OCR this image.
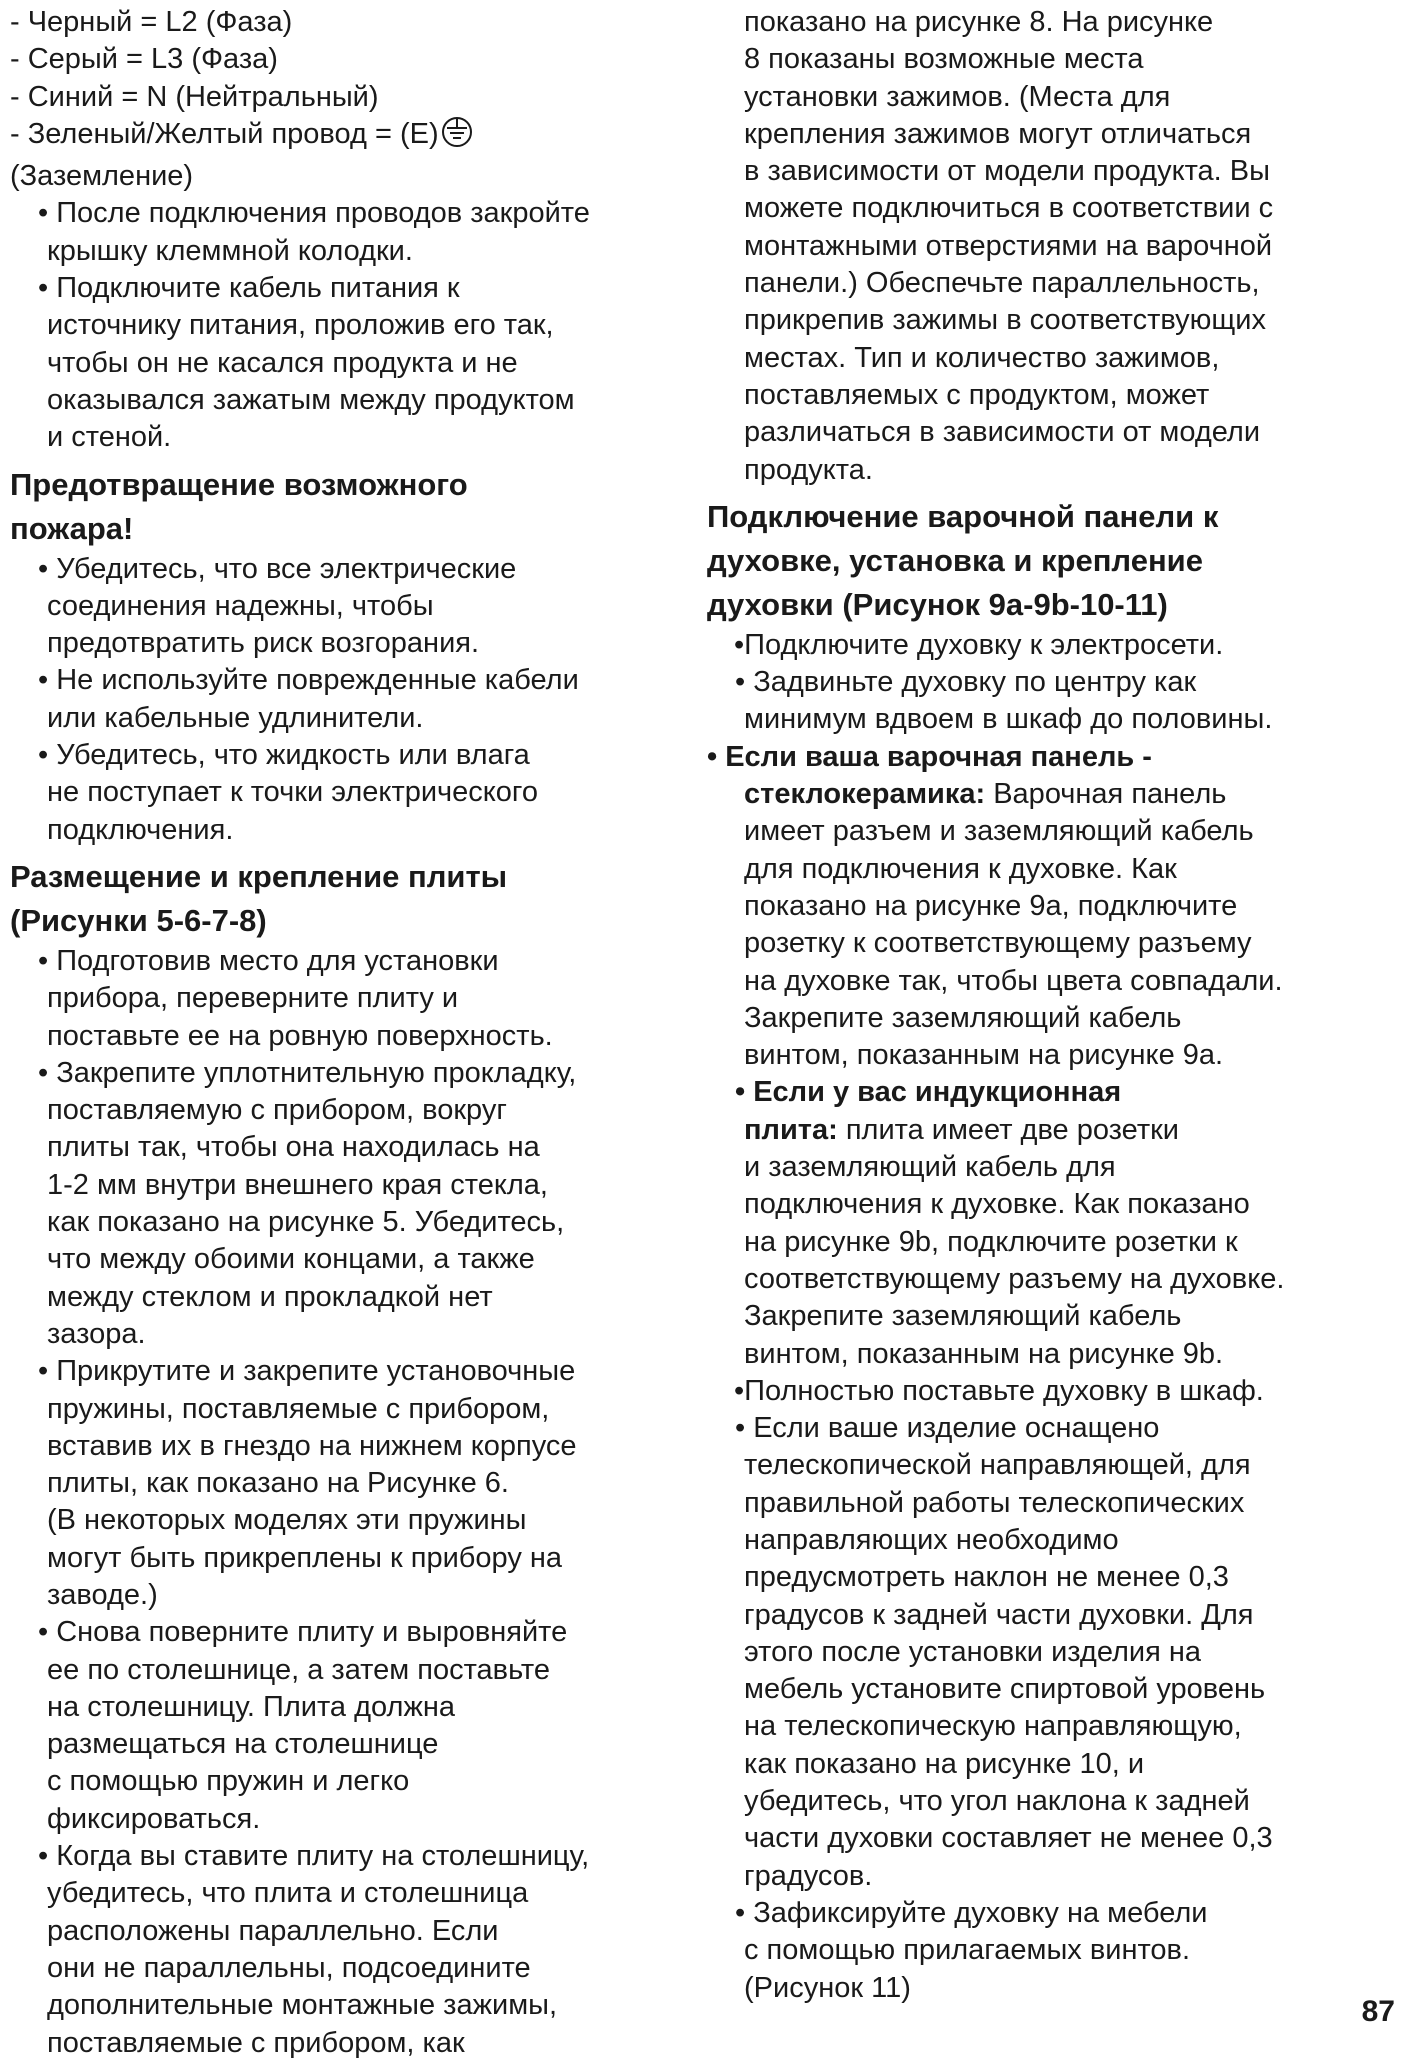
- Черный = L2 (Фаза)
- Серый = L3 (Фаза)
- Синий = N (Нейтральный)
- Зеленый/Желтый провод = (E)
(Заземление)
• После подключения проводов закройте
крышку клеммной колодки.
• Подключите кабель питания к
источнику питания, проложив его так,
чтобы он не касался продукта и не
оказывался зажатым между продуктом
и стеной.
Предотвращение возможного
пожара!
• Убедитесь, что все электрические
соединения надежны, чтобы
предотвратить риск возгорания.
• Не используйте поврежденные кабели
или кабельные удлинители.
• Убедитесь, что жидкость или влага
не поступает к точки электрического
подключения.
Размещение и крепление плиты
(Рисунки 5-6-7-8)
• Подготовив место для установки
прибора, переверните плиту и
поставьте ее на ровную поверхность.
• Закрепите уплотнительную прокладку,
поставляемую с прибором, вокруг
плиты так, чтобы она находилась на
1-2 мм внутри внешнего края стекла,
как показано на рисунке 5. Убедитесь,
что между обоими концами, а также
между стеклом и прокладкой нет
зазора.
• Прикрутите и закрепите установочные
пружины, поставляемые с прибором,
вставив их в гнездо на нижнем корпусе
плиты, как показано на Рисунке 6.
(В некоторых моделях эти пружины
могут быть прикреплены к прибору на
заводе.)
• Снова поверните плиту и выровняйте
ее по столешнице, а затем поставьте
на столешницу. Плита должна
размещаться на столешнице
с помощью пружин и легко
фиксироваться.
• Когда вы ставите плиту на столешницу,
убедитесь, что плита и столешница
расположены параллельно. Если
они не параллельны, подсоедините
дополнительные монтажные зажимы,
поставляемые с прибором, как
показано на рисунке 8. На рисунке
8 показаны возможные места
установки зажимов. (Места для
крепления зажимов могут отличаться
в зависимости от модели продукта. Вы
можете подключиться в соответствии с
монтажными отверстиями на варочной
панели.) Обеспечьте параллельность,
прикрепив зажимы в соответствующих
местах. Тип и количество зажимов,
поставляемых с продуктом, может
различаться в зависимости от модели
продукта.
Подключение варочной панели к
духовке, установка и крепление
духовки (Рисунок 9a-9b-10-11)
•Подключите духовку к электросети.
• Задвиньте духовку по центру как
минимум вдвоем в шкаф до половины.
• Если ваша варочная панель -
стеклокерамика: Варочная панель
имеет разъем и заземляющий кабель
для подключения к духовке. Как
показано на рисунке 9a, подключите
розетку к соответствующему разъему
на духовке так, чтобы цвета совпадали.
Закрепите заземляющий кабель
винтом, показанным на рисунке 9a.
• Если у вас индукционная
плита: плита имеет две розетки
и заземляющий кабель для
подключения к духовке. Как показано
на рисунке 9b, подключите розетки к
соответствующему разъему на духовке.
Закрепите заземляющий кабель
винтом, показанным на рисунке 9b.
•Полностью поставьте духовку в шкаф.
• Если ваше изделие оснащено
телескопической направляющей, для
правильной работы телескопических
направляющих необходимо
предусмотреть наклон не менее 0,3
градусов к задней части духовки. Для
этого после установки изделия на
мебель установите спиртовой уровень
на телескопическую направляющую,
как показано на рисунке 10, и
убедитесь, что угол наклона к задней
части духовки составляет не менее 0,3
градусов.
• Зафиксируйте духовку на мебели
с помощью прилагаемых винтов.
(Рисунок 11)
87
